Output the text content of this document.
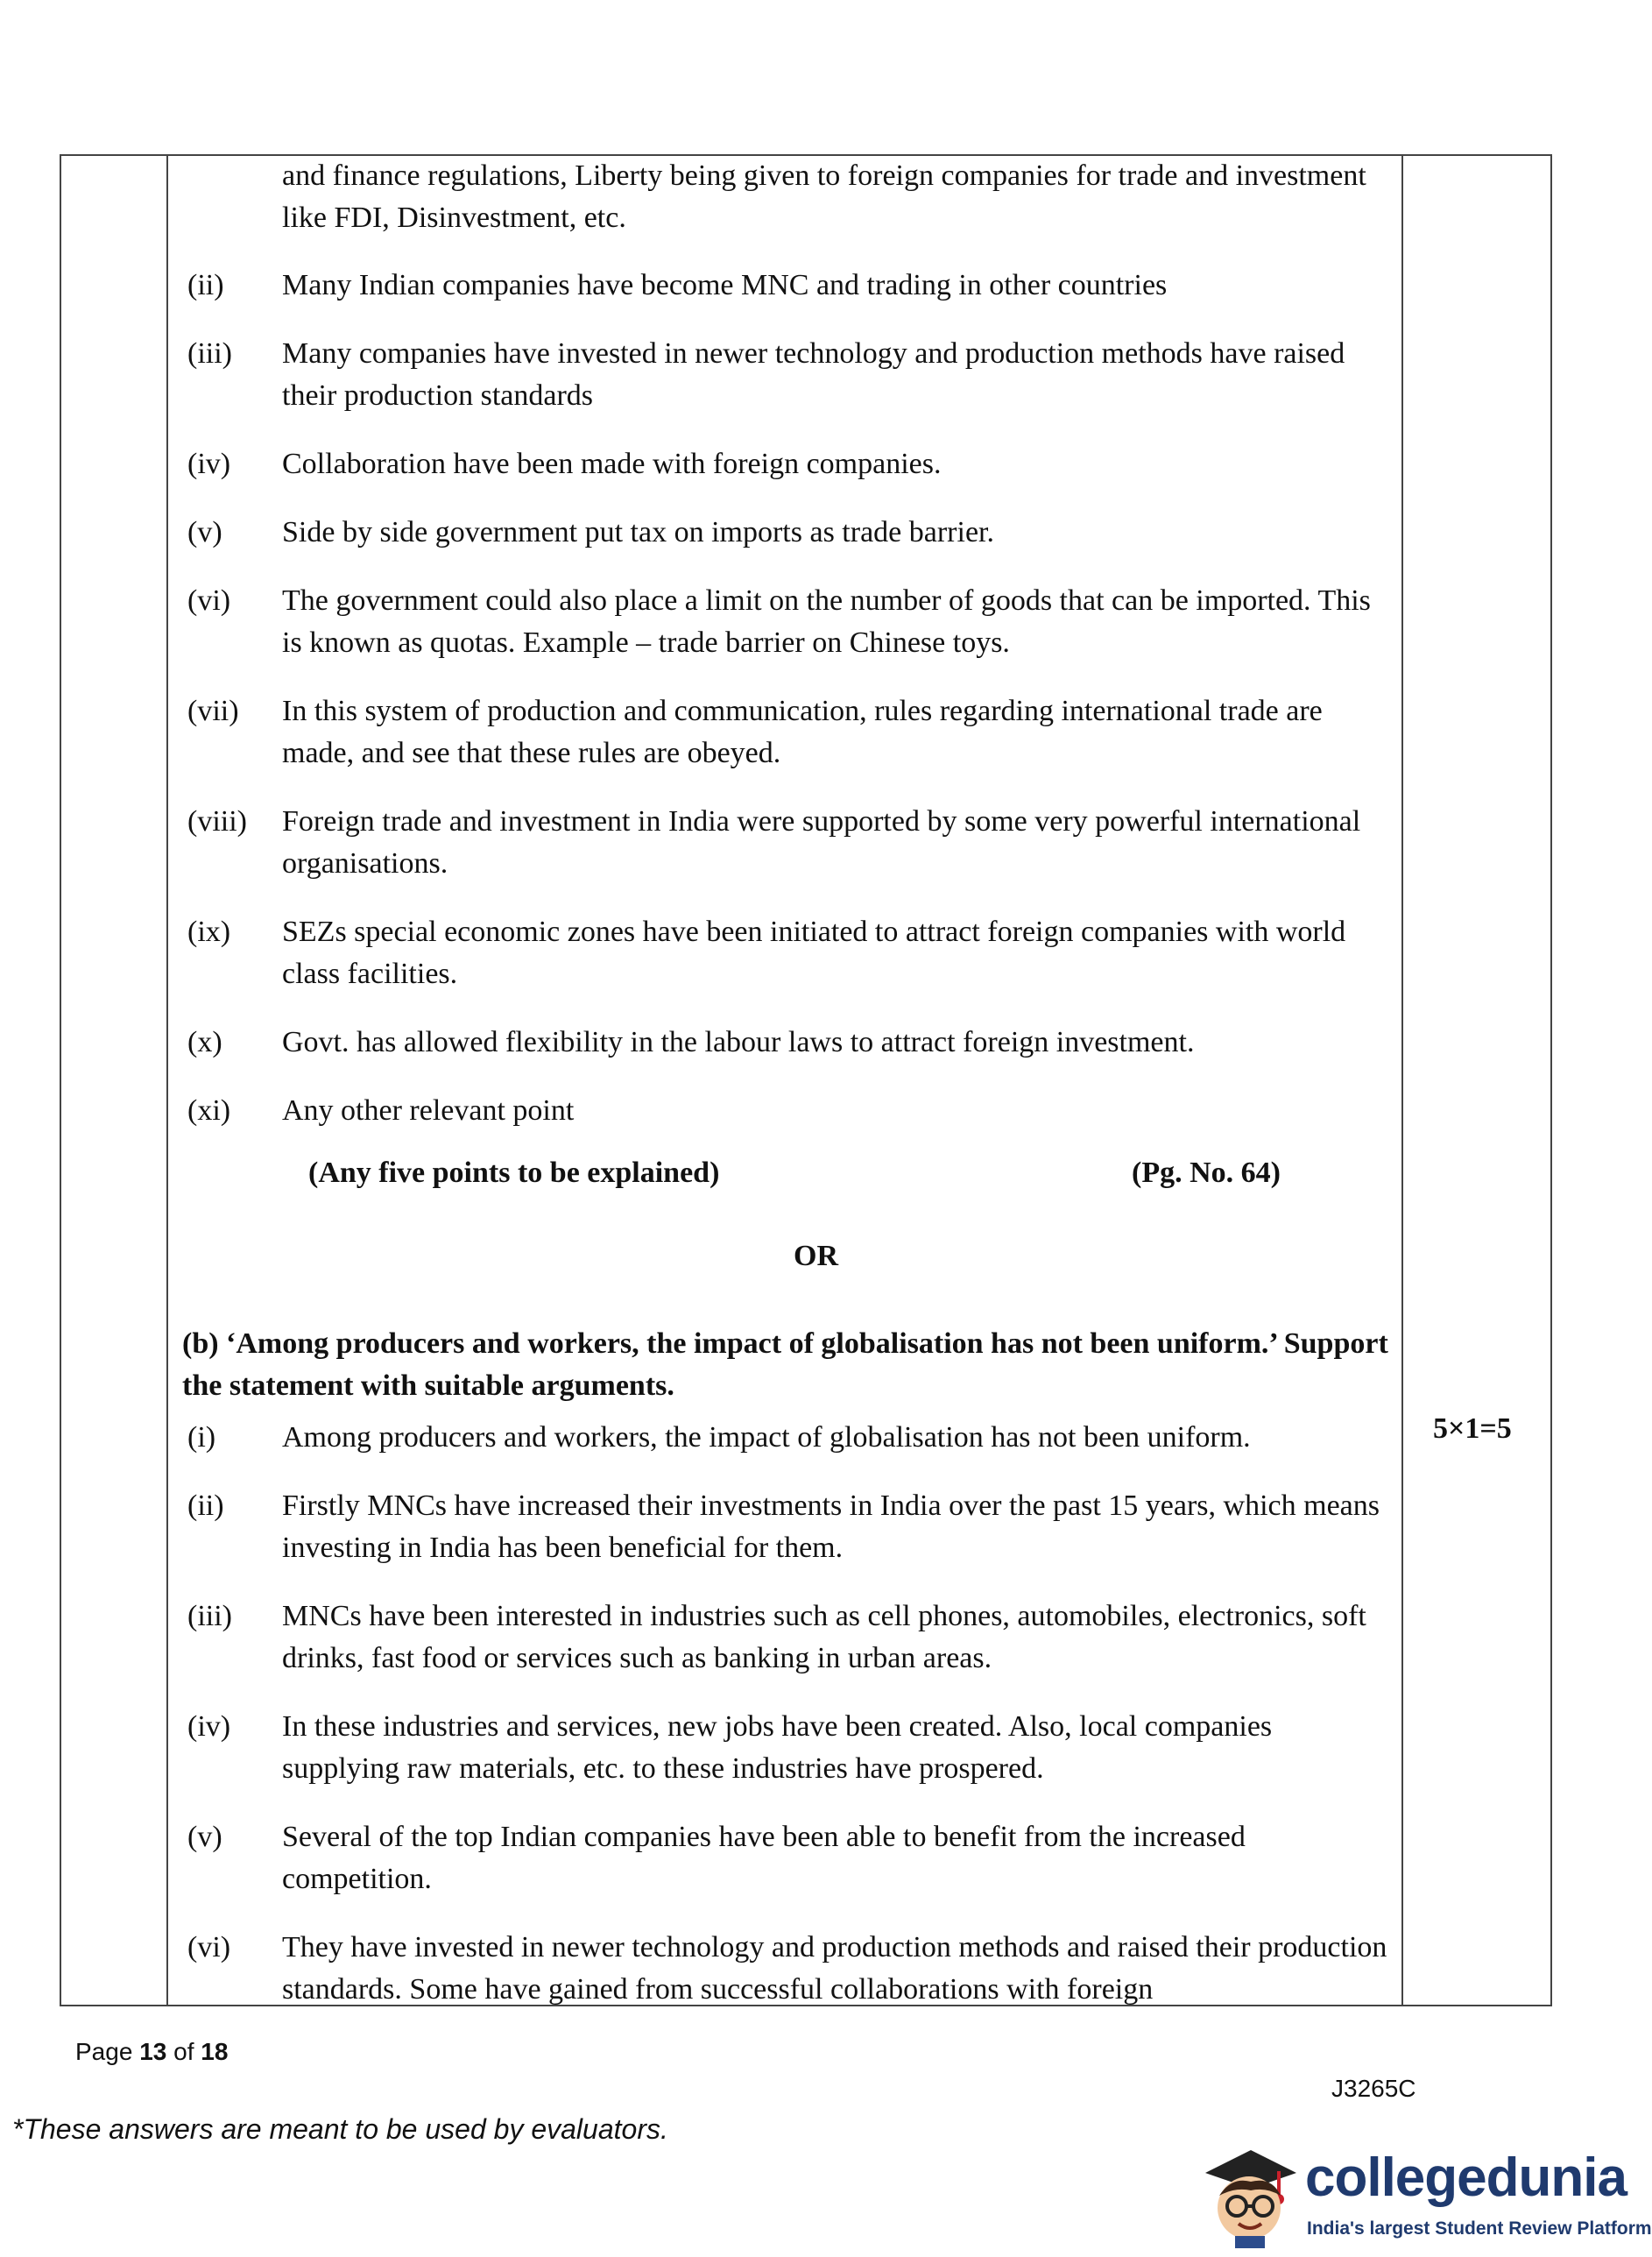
and finance regulations, Liberty being given to foreign companies for trade and investment like FDI, Disinvestment, etc.
(ii) Many Indian companies have become MNC and trading in other countries
(iii) Many companies have invested in newer technology and production methods have raised their production standards
(iv) Collaboration have been made with foreign companies.
(v) Side by side government put tax on imports as trade barrier.
(vi) The government could also place a limit on the number of goods that can be imported. This is known as quotas. Example – trade barrier on Chinese toys.
(vii) In this system of production and communication, rules regarding international trade are made, and see that these rules are obeyed.
(viii) Foreign trade and investment in India were supported by some very powerful international organisations.
(ix) SEZs special economic zones have been initiated to attract foreign companies with world class facilities.
(x) Govt. has allowed flexibility in the labour laws to attract foreign investment.
(xi) Any other relevant point
(Any five points to be explained)	(Pg. No. 64)
OR
(b) ‘Among producers and workers, the impact of globalisation has not been uniform.’ Support the statement with suitable arguments.
5×1=5
(i) Among producers and workers, the impact of globalisation has not been uniform.
(ii) Firstly MNCs have increased their investments in India over the past 15 years, which means investing in India has been beneficial for them.
(iii) MNCs have been interested in industries such as cell phones, automobiles, electronics, soft drinks, fast food or services such as banking in urban areas.
(iv) In these industries and services, new jobs have been created. Also, local companies supplying raw materials, etc. to these industries have prospered.
(v) Several of the top Indian companies have been able to benefit from the increased competition.
(vi) They have invested in newer technology and production methods and raised their production standards. Some have gained from successful collaborations with foreign
Page 13 of 18
J3265C
*These answers are meant to be used by evaluators.
collegedunia
India's largest Student Review Platform
